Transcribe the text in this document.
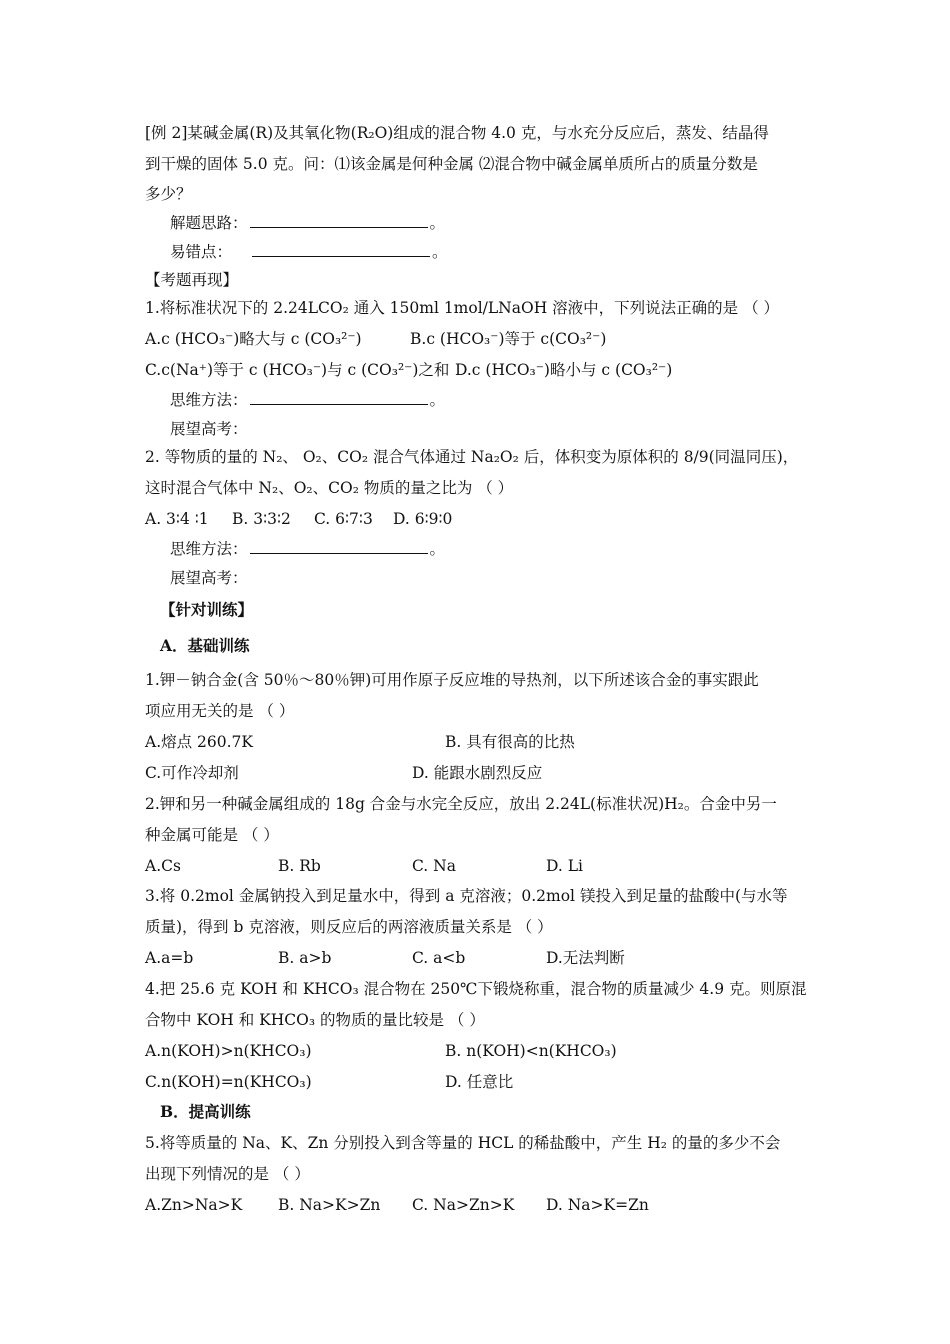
[例 2]某碱金属(R)及其氧化物(R₂O)组成的混合物 4.0 克，与水充分反应后，蒸发、结晶得
到干燥的固体 5.0 克。问：⑴该金属是何种金属 ⑵混合物中碱金属单质所占的质量分数是
多少？
解题思路：	。
易错点：	。
【考题再现】
1.将标准状况下的 2.24LCO₂ 通入 150ml 1mol/LNaOH 溶液中，下列说法正确的是 （ ）
A.c (HCO₃⁻)略大与 c (CO₃²⁻)	B.c (HCO₃⁻)等于 c(CO₃²⁻)
C.c(Na⁺)等于 c (HCO₃⁻)与 c (CO₃²⁻)之和 D.c (HCO₃⁻)略小与 c (CO₃²⁻)
思维方法：	。
展望高考：
2. 等物质的量的 N₂、 O₂、CO₂ 混合气体通过 Na₂O₂ 后，体积变为原体积的 8/9(同温同压)，
这时混合气体中 N₂、O₂、CO₂ 物质的量之比为 （ ）
A. 3∶4 ∶1 B. 3∶3∶2 C. 6∶7∶3 D. 6∶9∶0
思维方法：	。
展望高考：
【针对训练】
A．基础训练
1.钾－钠合金(含 50％～80％钾)可用作原子反应堆的导热剂，以下所述该合金的事实跟此
项应用无关的是 （ ）
A.熔点 260.7K	B. 具有很高的比热
C.可作冷却剂	D. 能跟水剧烈反应
2.钾和另一种碱金属组成的 18g 合金与水完全反应，放出 2.24L(标准状况)H₂。合金中另一
种金属可能是 （ ）
A.Cs	B. Rb	C. Na	D. Li
3.将 0.2mol 金属钠投入到足量水中，得到 a 克溶液；0.2mol 镁投入到足量的盐酸中(与水等
质量)，得到 b 克溶液，则反应后的两溶液质量关系是 （ ）
A.a=b	B. a>b	C. a<b	D.无法判断
4.把 25.6 克 KOH 和 KHCO₃ 混合物在 250℃下锻烧称重，混合物的质量减少 4.9 克。则原混
合物中 KOH 和 KHCO₃ 的物质的量比较是 （ ）
A.n(KOH)>n(KHCO₃)	B. n(KOH)<n(KHCO₃)
C.n(KOH)=n(KHCO₃)	D. 任意比
B．提高训练
5.将等质量的 Na、K、Zn 分别投入到含等量的 HCL 的稀盐酸中，产生 H₂ 的量的多少不会
出现下列情况的是 （ ）
A.Zn>Na>K B. Na>K>Zn C. Na>Zn>K D. Na>K=Zn
